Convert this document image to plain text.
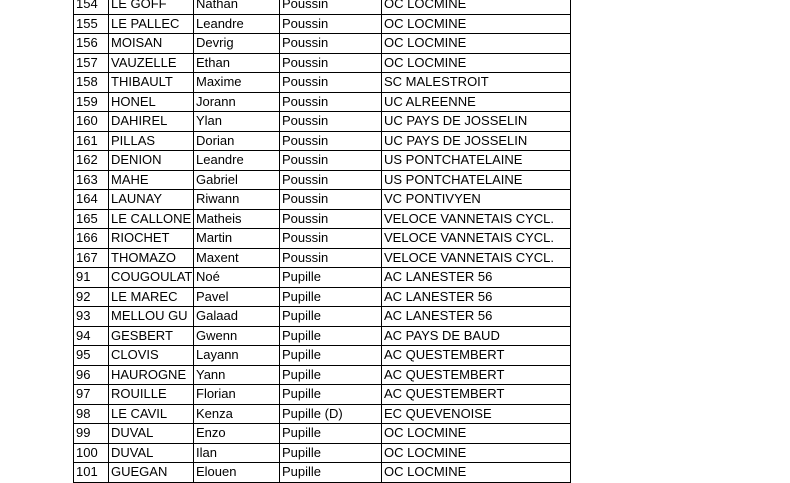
154	LE GOFF	Nathan	Poussin	OC LOCMINE
155	LE PALLEC	Leandre	Poussin	OC LOCMINE
156	MOISAN	Devrig	Poussin	OC LOCMINE
157	VAUZELLE	Ethan	Poussin	OC LOCMINE
158	THIBAULT	Maxime	Poussin	SC MALESTROIT
159	HONEL	Jorann	Poussin	UC ALREENNE
160	DAHIREL	Ylan	Poussin	UC PAYS DE JOSSELIN
161	PILLAS	Dorian	Poussin	UC PAYS DE JOSSELIN
162	DENION	Leandre	Poussin	US PONTCHATELAINE
163	MAHE	Gabriel	Poussin	US PONTCHATELAINE
164	LAUNAY	Riwann	Poussin	VC PONTIVYEN
165	LE CALLONE	Matheis	Poussin	VELOCE VANNETAIS CYCL.
166	RIOCHET	Martin	Poussin	VELOCE VANNETAIS CYCL.
167	THOMAZO	Maxent	Poussin	VELOCE VANNETAIS CYCL.
91	COUGOULAT	Noé	Pupille	AC LANESTER 56
92	LE MAREC	Pavel	Pupille	AC LANESTER 56
93	MELLOU GU	Galaad	Pupille	AC LANESTER 56
94	GESBERT	Gwenn	Pupille	AC PAYS DE BAUD
95	CLOVIS	Layann	Pupille	AC QUESTEMBERT
96	HAUROGNE	Yann	Pupille	AC QUESTEMBERT
97	ROUILLE	Florian	Pupille	AC QUESTEMBERT
98	LE CAVIL	Kenza	Pupille (D)	EC QUEVENOISE
99	DUVAL	Enzo	Pupille	OC LOCMINE
100	DUVAL	Ilan	Pupille	OC LOCMINE
101	GUEGAN	Elouen	Pupille	OC LOCMINE
